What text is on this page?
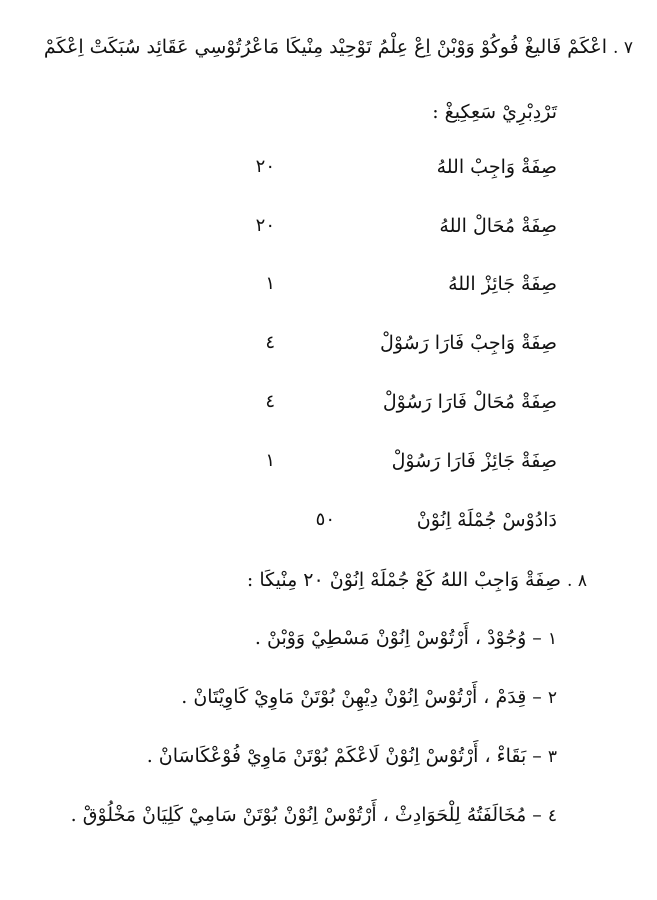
٧ . اعْكَمْ فَاليغْ فُوكُوْ وَوْبْنْ اِعْ عِلْمُ تَوْحِيْد مِنْيكَا مَاعْرُتُوْسِي عَقَائِد سُبَكَتْ اِعْكَمْ
تَرْدِبْرِيْ سَعِكِيغْ :
صِفَةْ وَاجِبْ اللهُ
٢٠
صِفَةْ مُحَالْ اللهُ
٢٠
صِفَةْ جَائِزْ اللهُ
١
صِفَةْ وَاجِبْ فَارَا رَسُوْلْ
٤
صِفَةْ مُحَالْ فَارَا رَسُوْلْ
٤
صِفَةْ جَائِزْ فَارَا رَسُوْلْ
١
دَادُوْسْ جُمْلَهْ اِنُوْنْ
٥٠
٨ . صِفَةْ وَاجِبْ اللهُ كَعْ جُمْلَهْ اِنُوْنْ ٢٠ مِنْيكَا :
١ – وُجُوْدْ ، أَرْتُوْسْ اِنُوْنْ مَسْطِيْ وَوْبْنْ .
٢ – قِدَمْ ، أَرْتُوْسْ اِنُوْنْ دِيْهِنْ بُوْتَنْ مَاوِيْ كَاوِيْتَانْ .
٣ – بَقَاءْ ، أَرْتُوْسْ اِنُوْنْ لَاعْكَمْ بُوْتَنْ مَاوِيْ فُوْعْكَاسَانْ .
٤ – مُخَالَفَتُهُ لِلْحَوَادِثْ ، أَرْتُوْسْ اِنُوْنْ بُوْتَنْ سَامِيْ كَلِيَانْ مَخْلُوْقْ .
